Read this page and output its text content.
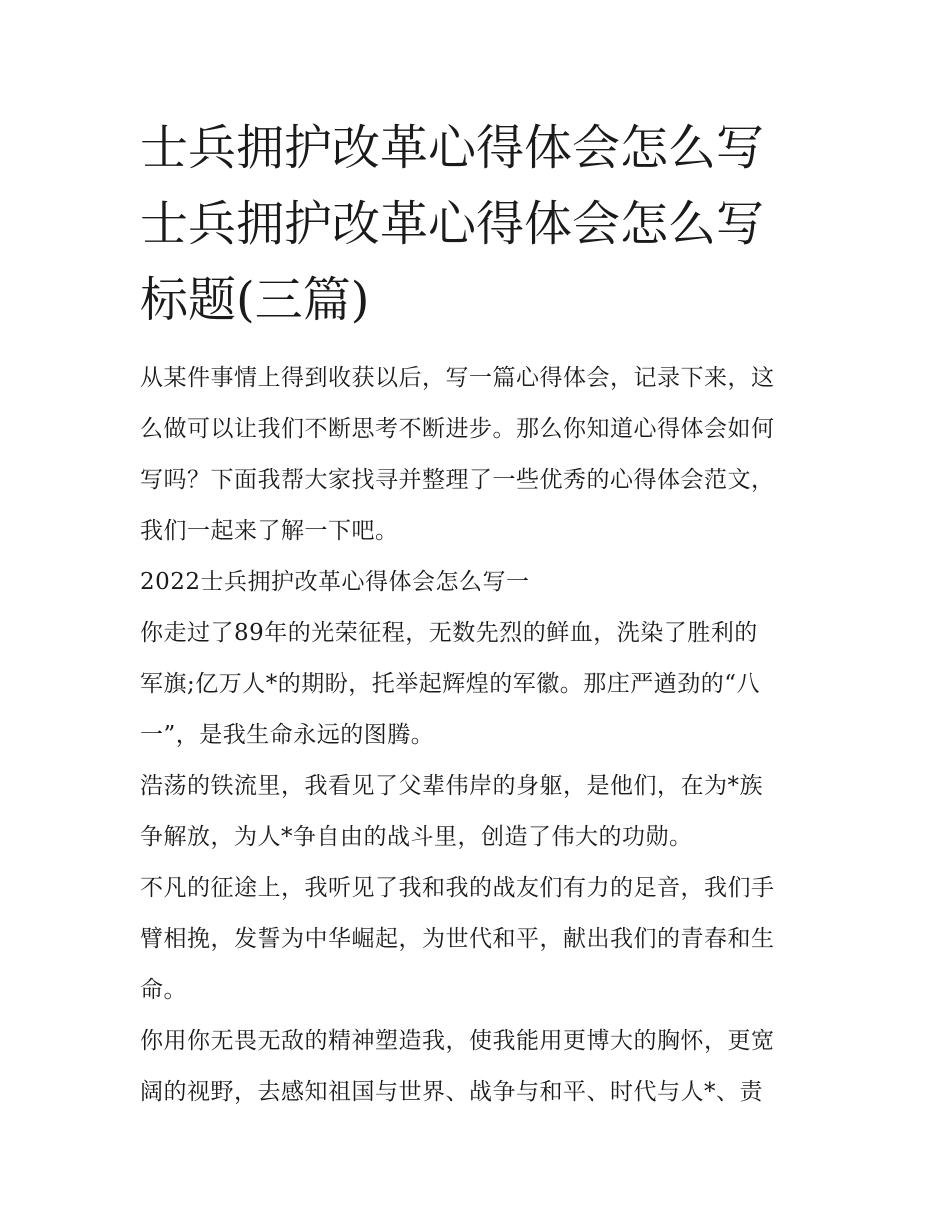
士兵拥护改革心得体会怎么写
士兵拥护改革心得体会怎么写
标题(三篇)

从某件事情上得到收获以后，写一篇心得体会，记录下来，这
么做可以让我们不断思考不断进步。那么你知道心得体会如何
写吗？下面我帮大家找寻并整理了一些优秀的心得体会范文，
我们一起来了解一下吧。

2022士兵拥护改革心得体会怎么写一

你走过了89年的光荣征程，无数先烈的鲜血，洗染了胜利的
军旗;亿万人*的期盼，托举起辉煌的军徽。那庄严遒劲的“八
一”，是我生命永远的图腾。

浩荡的铁流里，我看见了父辈伟岸的身躯，是他们，在为*族
争解放，为人*争自由的战斗里，创造了伟大的功勋。

不凡的征途上，我听见了我和我的战友们有力的足音，我们手
臂相挽，发誓为中华崛起，为世代和平，献出我们的青春和生
命。

你用你无畏无敌的精神塑造我，使我能用更博大的胸怀，更宽
阔的视野，去感知祖国与世界、战争与和平、时代与人*、责
